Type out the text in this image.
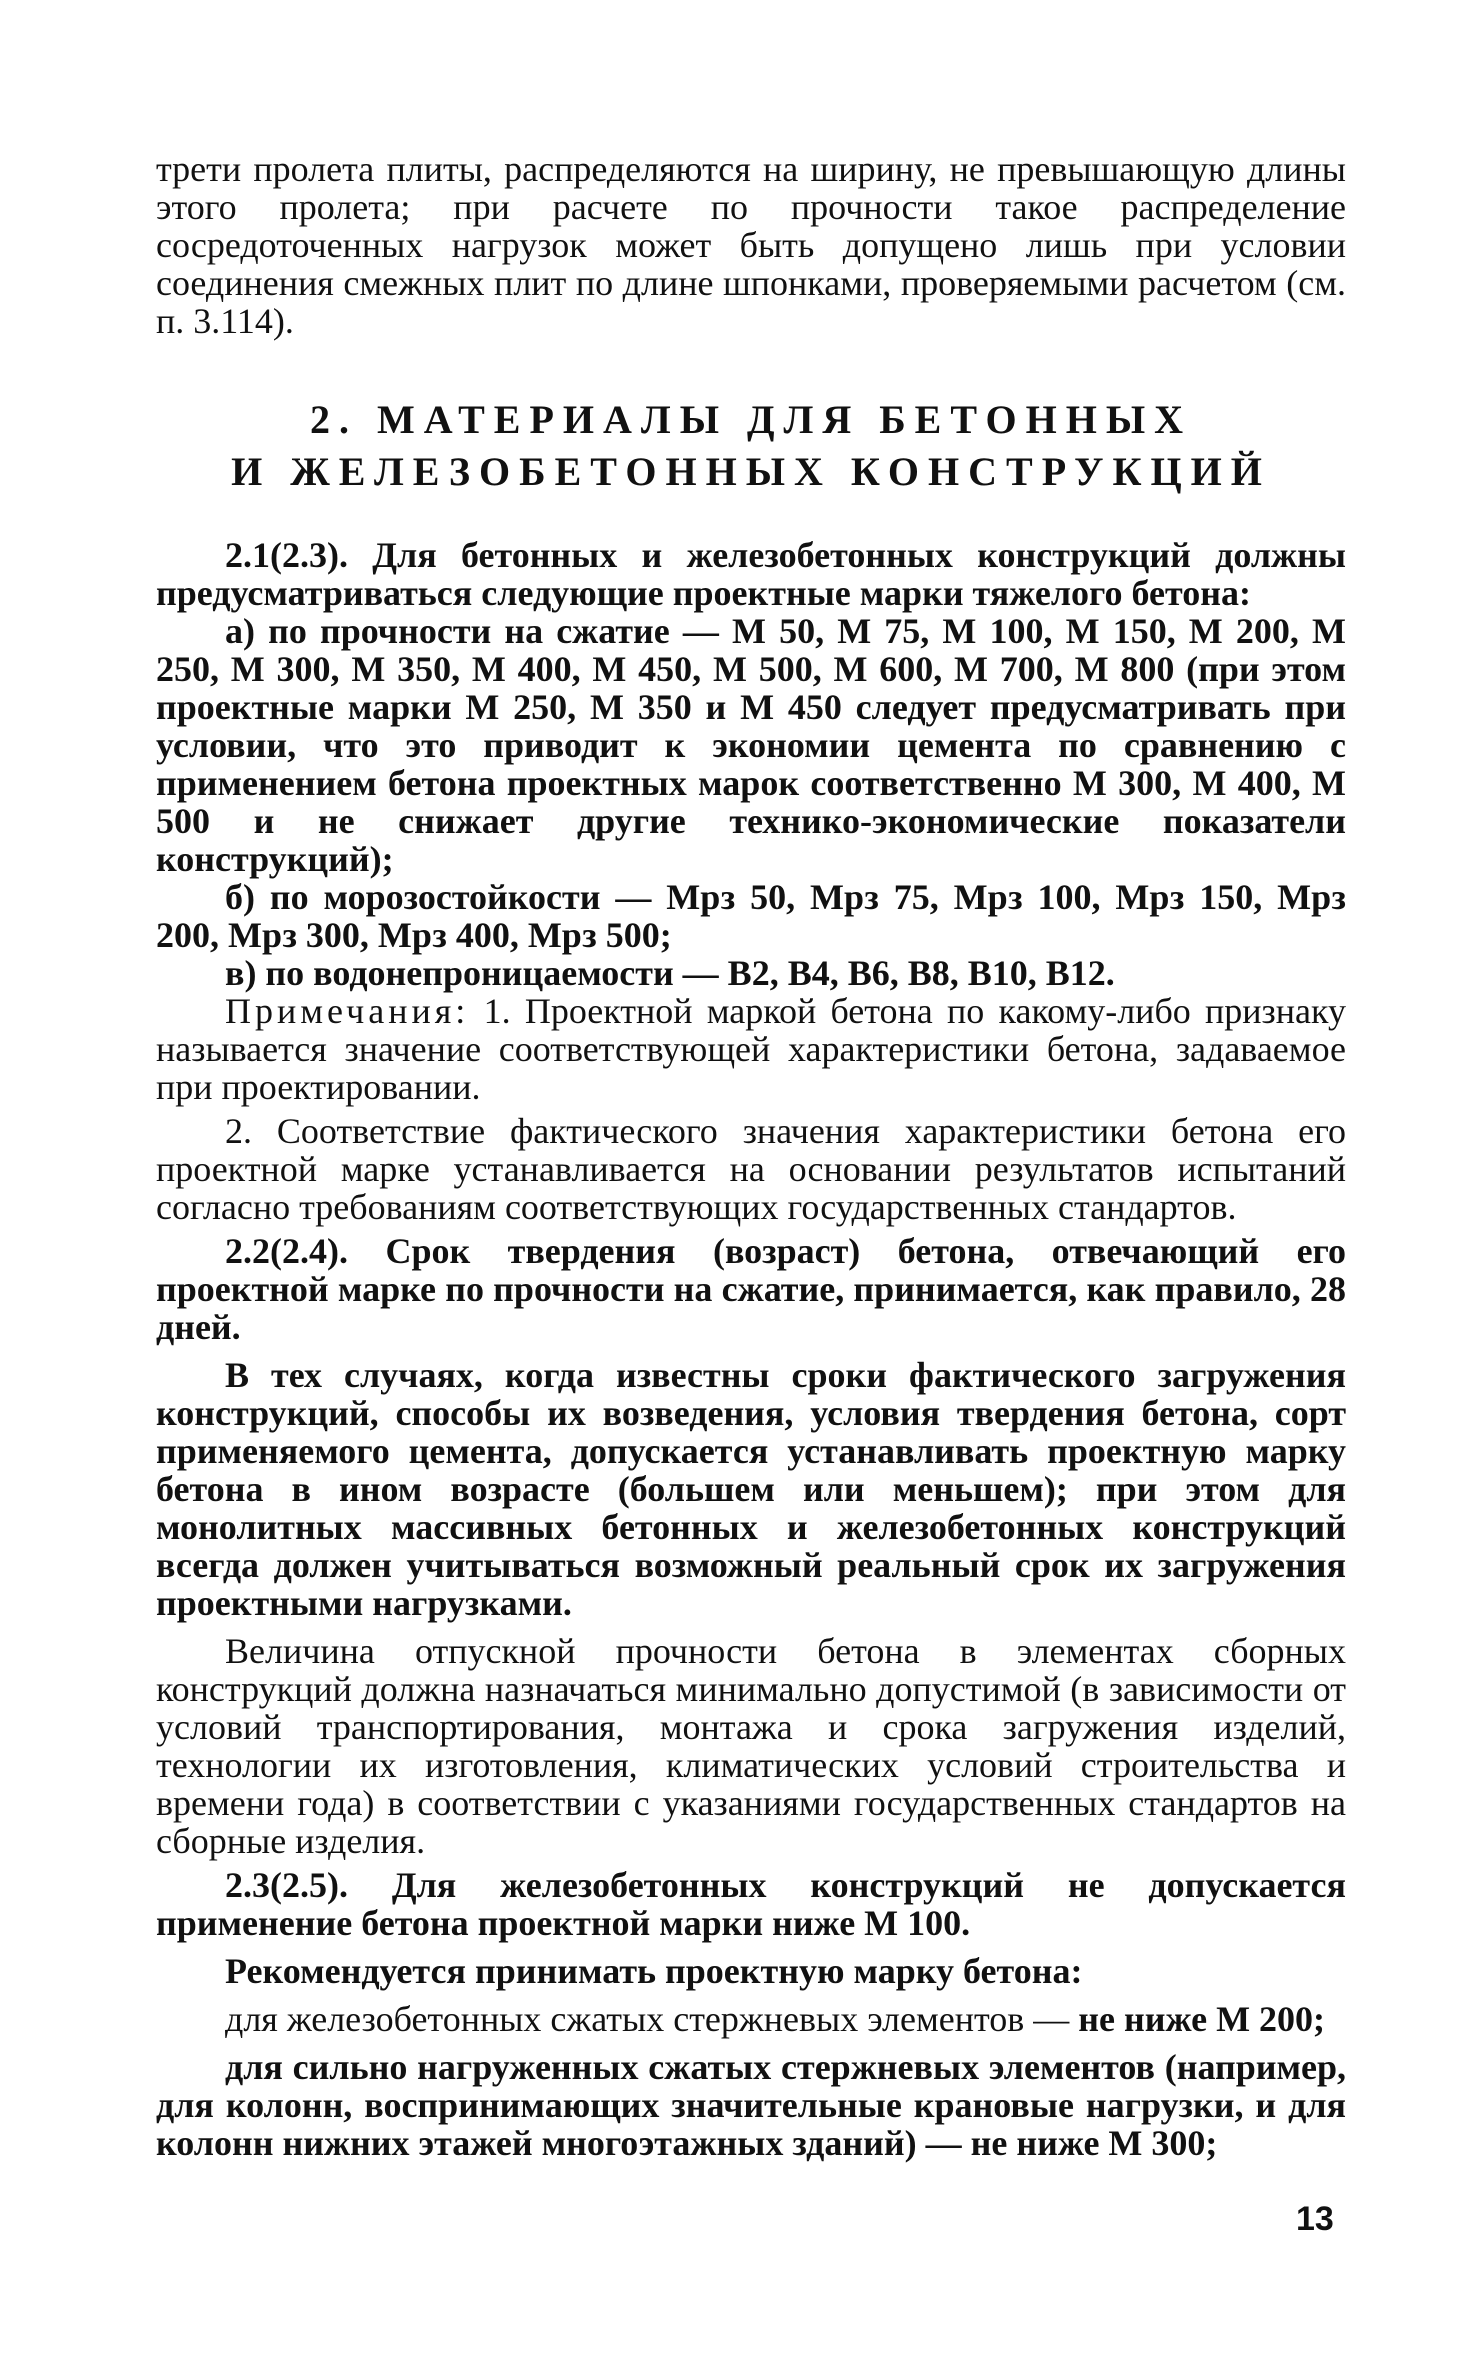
трети пролета плиты, распределяются на ширину, не превышающую длины этого пролета; при расчете по прочности такое распределение сосредоточенных нагрузок может быть допущено лишь при условии соединения смежных плит по длине шпонками, проверяемыми расчетом (см. п. 3.114).

2. МАТЕРИАЛЫ ДЛЯ БЕТОННЫХ
И ЖЕЛЕЗОБЕТОННЫХ КОНСТРУКЦИЙ

2.1(2.3). Для бетонных и железобетонных конструкций должны предусматриваться следующие проектные марки тяжелого бетона:

а) по прочности на сжатие — М 50, М 75, М 100, М 150, М 200, М 250, М 300, М 350, М 400, М 450, М 500, М 600, М 700, М 800 (при этом проектные марки М 250, М 350 и М 450 следует предусматривать при условии, что это приводит к экономии цемента по сравнению с применением бетона проектных марок соответственно М 300, М 400, М 500 и не снижает другие технико-экономические показатели конструкций);

б) по морозостойкости — Мрз 50, Мрз 75, Мрз 100, Мрз 150, Мрз 200, Мрз 300, Мрз 400, Мрз 500;

в) по водонепроницаемости — В2, В4, В6, В8, В10, В12.

Примечания: 1. Проектной маркой бетона по какому-либо признаку называется значение соответствующей характеристики бетона, задаваемое при проектировании.

2. Соответствие фактического значения характеристики бетона его проектной марке устанавливается на основании результатов испытаний согласно требованиям соответствующих государственных стандартов.

2.2(2.4). Срок твердения (возраст) бетона, отвечающий его проектной марке по прочности на сжатие, принимается, как правило, 28 дней.

В тех случаях, когда известны сроки фактического загружения конструкций, способы их возведения, условия твердения бетона, сорт применяемого цемента, допускается устанавливать проектную марку бетона в ином возрасте (большем или меньшем); при этом для монолитных массивных бетонных и железобетонных конструкций всегда должен учитываться возможный реальный срок их загружения проектными нагрузками.

Величина отпускной прочности бетона в элементах сборных конструкций должна назначаться минимально допустимой (в зависимости от условий транспортирования, монтажа и срока загружения изделий, технологии их изготовления, климатических условий строительства и времени года) в соответствии с указаниями государственных стандартов на сборные изделия.

2.3(2.5). Для железобетонных конструкций не допускается применение бетона проектной марки ниже М 100.

Рекомендуется принимать проектную марку бетона:

для железобетонных сжатых стержневых элементов — не ниже М 200;

для сильно нагруженных сжатых стержневых элементов (например, для колонн, воспринимающих значительные крановые нагрузки, и для колонн нижних этажей многоэтажных зданий) — не ниже М 300;

13
